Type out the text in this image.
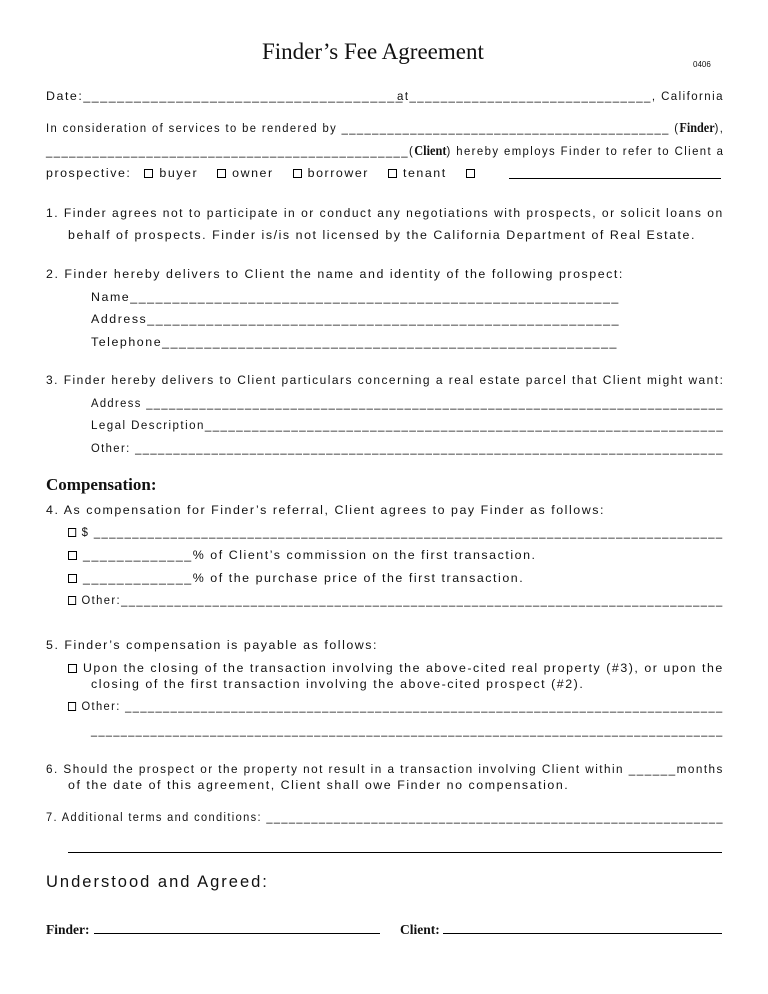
Finder’s Fee Agreement
0406
Date:______________________________________
at_______________________________, California
In consideration of services to be rendered by ___________________________________________ (Finder),
_______________________________________________(Client) hereby employs Finder to refer to Client a
prospective: buyer	owner	borrower	tenant
1. Finder agrees not to participate in or conduct any negotiations with prospects, or solicit loans on
behalf of prospects. Finder is/is not licensed by the California Department of Real Estate.
2. Finder hereby delivers to Client the name and identity of the following prospect:
Name__________________________________________________________
Address________________________________________________________
Telephone______________________________________________________
3. Finder hereby delivers to Client particulars concerning a real estate parcel that Client might want:
Address ____________________________________________________________________________
Legal Description__________________________________________________________________
Other: _____________________________________________________________________________
Compensation:
4. As compensation for Finder’s referral, Client agrees to pay Finder as follows:
$ __________________________________________________________________________________
_____________% of Client’s commission on the first transaction.
_____________% of the purchase price of the first transaction.
Other:_______________________________________________________________________________
5. Finder’s compensation is payable as follows:
Upon the closing of the transaction involving the above-cited real property (#3), or upon the
closing of the first transaction involving the above-cited prospect (#2).
Other: _______________________________________________________________________________
_____________________________________________________________________________________
6. Should the prospect or the property not result in a transaction involving Client within ______months
of the date of this agreement, Client shall owe Finder no compensation.
7. Additional terms and conditions: _____________________________________________________________
Understood and Agreed:
Finder:	Client:
